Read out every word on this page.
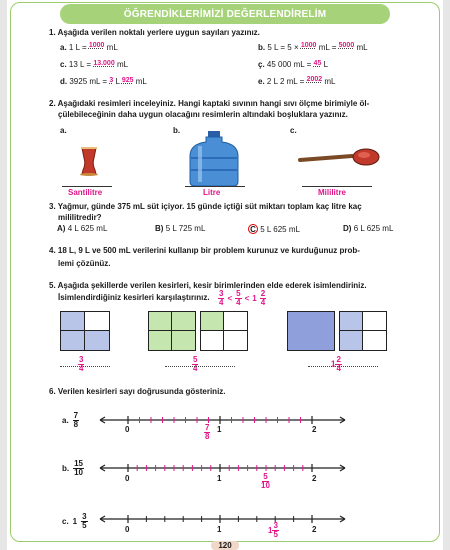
ÖĞRENDİKLERİMİZİ DEĞERLENDİRELİM
1. Aşağıda verilen noktalı yerlere uygun sayıları yazınız.
a. 1 L = 1000 mL	b. 5 L = 5 × 1000 mL = 5000 mL
c. 13 L = 13.000 mL	ç. 45 000 mL = 45 L
d. 3925 mL = 3 L 925 mL	e. 2 L 2 mL = 2002 mL
2. Aşağıdaki resimleri inceleyiniz. Hangi kaptaki sıvının hangi sıvı ölçme birimiyle öl-
çülebileceğinin daha uygun olacağını resimlerin altındaki boşluklara yazınız.
a.	b.	c.
Santilitre	Litre	Mililitre
3. Yağmur, günde 375 mL süt içiyor. 15 günde içtiği süt miktarı toplam kaç litre kaç
mililitredir?
A) 4 L 625 mL	B) 5 L 725 mL	C 5 L 625 mL	D) 6 L 625 mL
4. 18 L, 9 L ve 500 mL verilerini kullanıp bir problem kurunuz ve kurduğunuz prob-
lemi çözünüz.
5. Aşağıda şekillerde verilen kesirleri, kesir birimlerinden elde ederek isimlendiriniz.
İsimlendirdiğiniz kesirleri karşılaştırınız. $\frac{3}{4} < \frac{5}{4} < 1 \frac{2}{4}$
$\frac{3}{4}$	$\frac{5}{4}$	$1 \frac{2}{4}$
6. Verilen kesirleri sayı doğrusunda gösteriniz.
a. $\frac{7}{8}$
b. $\frac{15}{10}$
c. $1 \frac{3}{5}$
0	1	2
$\frac{7}{8}$
0	1	2
$\frac{5}{10}$
0	1	2
$1 \frac{3}{5}$
120
